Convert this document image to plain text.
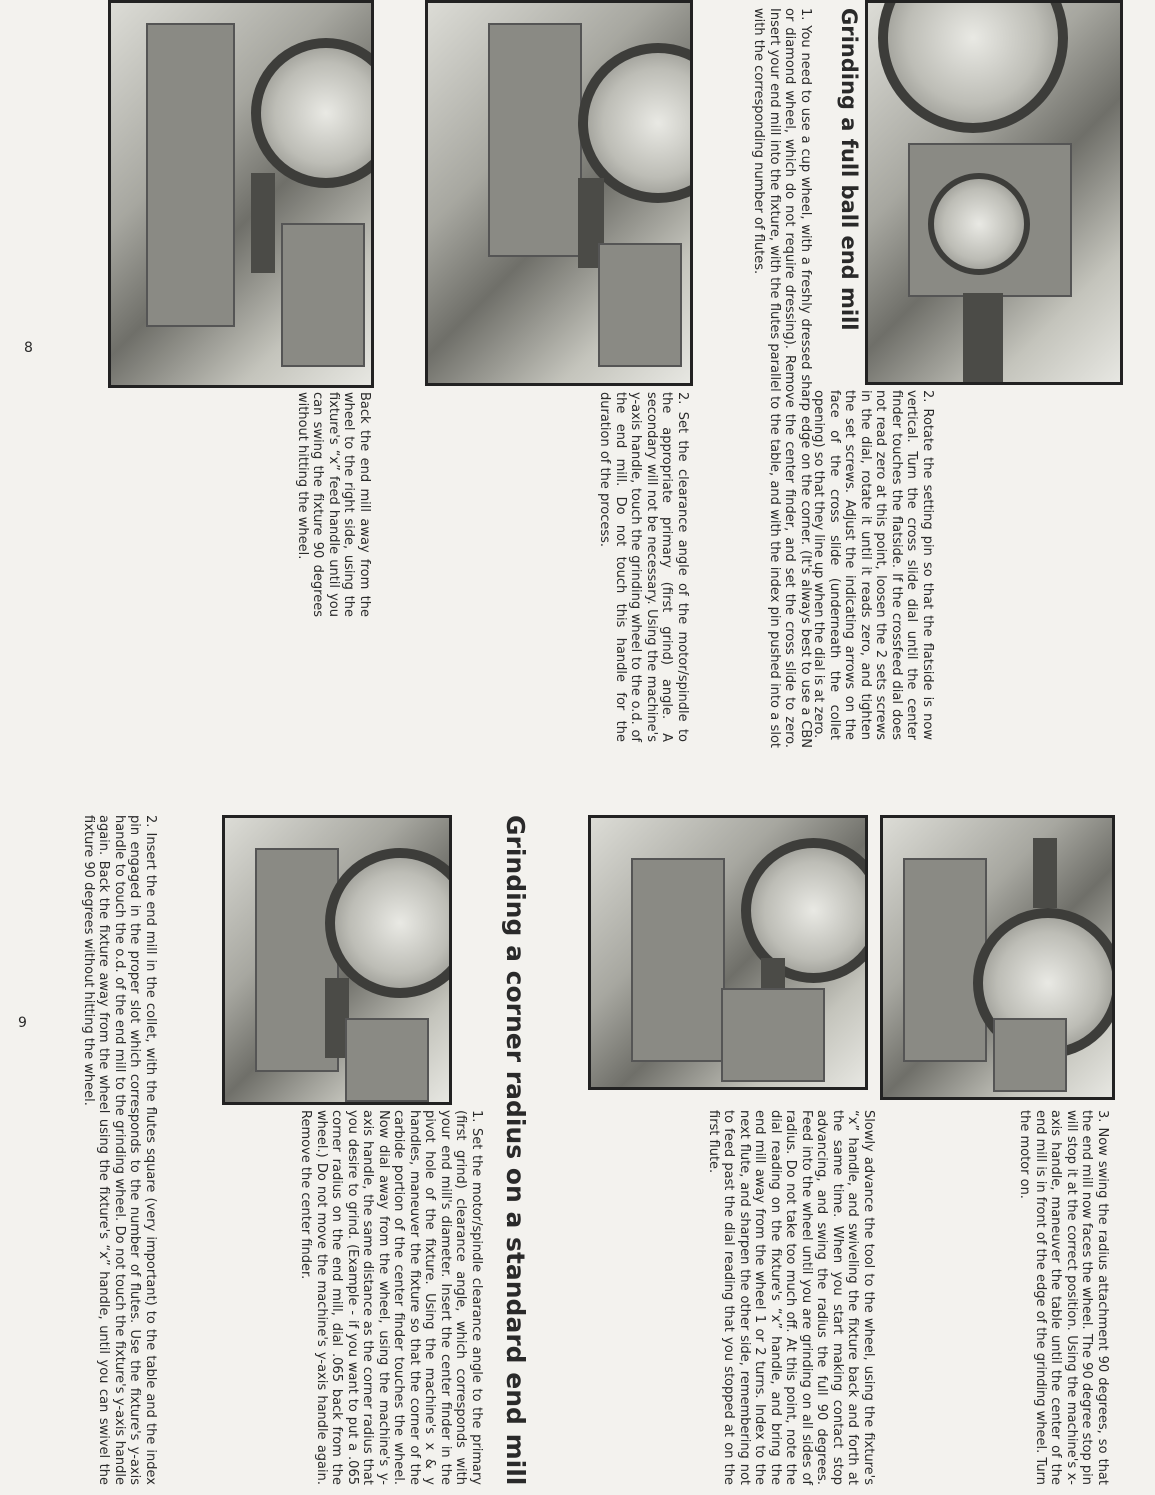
2. Rotate the setting pin so that the flatside is now vertical. Turn the cross slide dial until the center finder touches the flatside. If the crossfeed dial does not read zero at this point, loosen the 2 sets screws in the dial, rotate it until it reads zero, and tighten the set screws. Adjust the indicating arrows on the face of the cross slide (underneath the collet opening) so that they line up when the dial is at zero.

Grinding a full ball end mill

1. You need to use a cup wheel, with a freshly dressed sharp edge on the corner. (It's always best to use a CBN or diamond wheel, which do not require dressing). Remove the center finder, and set the cross slide to zero. Insert your end mill into the fixture, with the flutes parallel to the table, and with the index pin pushed into a slot with the corresponding number of flutes.

2. Set the clearance angle of the motor/spindle to the appropriate primary (first grind) angle. A secondary will not be necessary. Using the machine's y-axis handle, touch the grinding wheel to the o.d. of the end mill. Do not touch this handle for the duration of the process.

Back the end mill away from the wheel to the right side, using the fixture's “x” feed handle until you can swing the fixture 90 degrees without hitting the wheel.

8

3. Now swing the radius attachment 90 degrees, so that the end mill now faces the wheel. The 90 degree stop pin will stop it at the correct position. Using the machine's x-axis handle, maneuver the table until the center of the end mill is in front of the edge of the grinding wheel. Turn the motor on.

Slowly advance the tool to the wheel, using the fixture's “x” handle, and swiveling the fixture back and forth at the same time. When you start making contact stop advancing, and swing the radius the full 90 degrees. Feed into the wheel until you are grinding on all sides of radius. Do not take too much off. At this point, note the dial reading on the fixture's “x” handle, and bring the end mill away from the wheel 1 or 2 turns. Index to the next flute, and sharpen the other side, remembering not to feed past the dial reading that you stopped at on the first flute.

Grinding a corner radius on a standard end mill

1. Set the motor/spindle clearance angle to the primary (first grind) clearance angle, which corresponds with your end mill's diameter. Insert the center finder in the pivot hole of the fixture. Using the machine's x & y handles, maneuver the fixture so that the corner of the carbide portion of the center finder touches the wheel. Now dial away from the wheel, using the machine's y-axis handle, the same distance as the corner radius that you desire to grind. (Example - if you want to put a .065 corner radius on the end mill, dial .065 back from the wheel.) Do not move the machine's y-axis handle again. Remove the center finder.

2. Insert the end mill in the collet, with the flutes square (very important) to the table and the index pin engaged in the proper slot which corresponds to the number of flutes. Use the fixture's y-axis handle to touch the o.d. of the end mill to the grinding wheel. Do not touch the fixture's y-axis handle again. Back the fixture away from the wheel using the fixture's “x” handle, until you can swivel the fixture 90 degrees without hitting the wheel.

9
